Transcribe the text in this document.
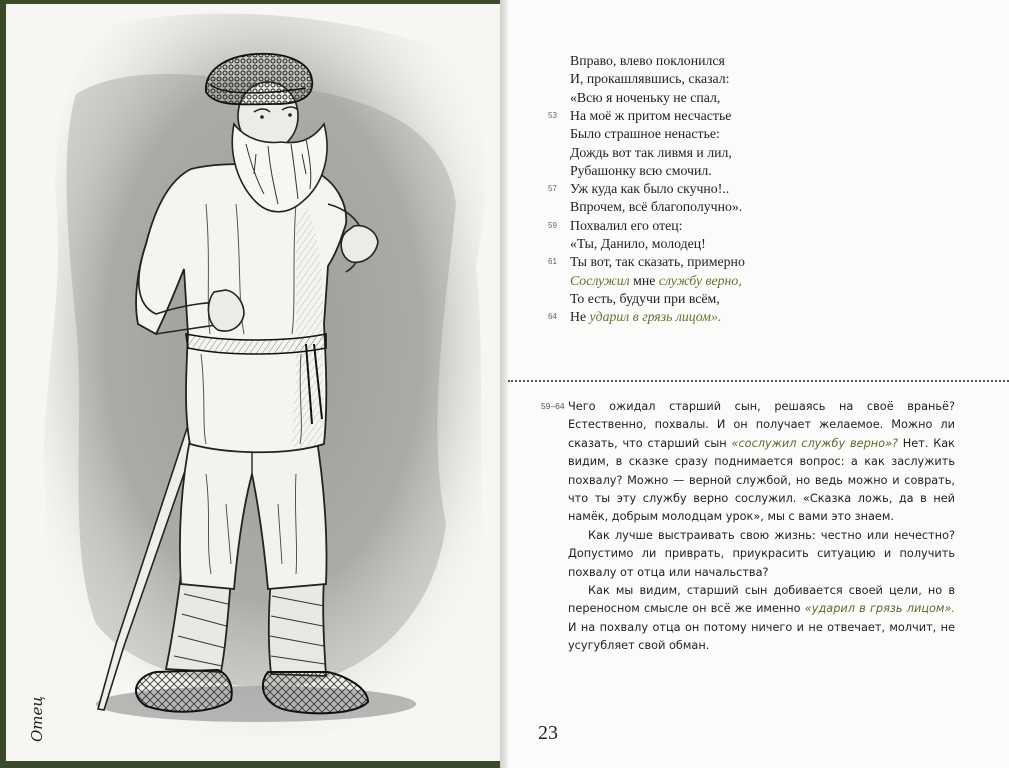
Отец
Вправо, влево поклонился
И, прокашлявшись, сказал:
«Всю я ноченьку не спал,
53 На моё ж притом несчастье
Было страшное ненастье:
Дождь вот так ливмя и лил,
Рубашонку всю смочил.
57 Уж куда как было скучно!..
Впрочем, всё благополучно».
59 Похвалил его отец:
«Ты, Данило, молодец!
61 Ты вот, так сказать, примерно
Сослужил мне службу верно,
То есть, будучи при всём,
64 Не ударил в грязь лицом».
59–64 Чего ожидал старший сын, решаясь на своё враньё? Естественно, похвалы. И он получает желаемое. Можно ли сказать, что старший сын «сослужил службу верно»? Нет. Как видим, в сказке сразу поднимается вопрос: а как заслужить похвалу? Можно — верной службой, но ведь можно и соврать, что ты эту службу верно сослужил. «Сказка ложь, да в ней намёк, добрым молодцам урок», мы с вами это знаем.

Как лучше выстраивать свою жизнь: честно или нечестно? Допустимо ли приврать, приукрасить ситуацию и получить похвалу от отца или начальства?

Как мы видим, старший сын добивается своей цели, но в переносном смысле он всё же именно «ударил в грязь лицом». И на похвалу отца он потому ничего и не отвечает, молчит, не усугубляет свой обман.

23
